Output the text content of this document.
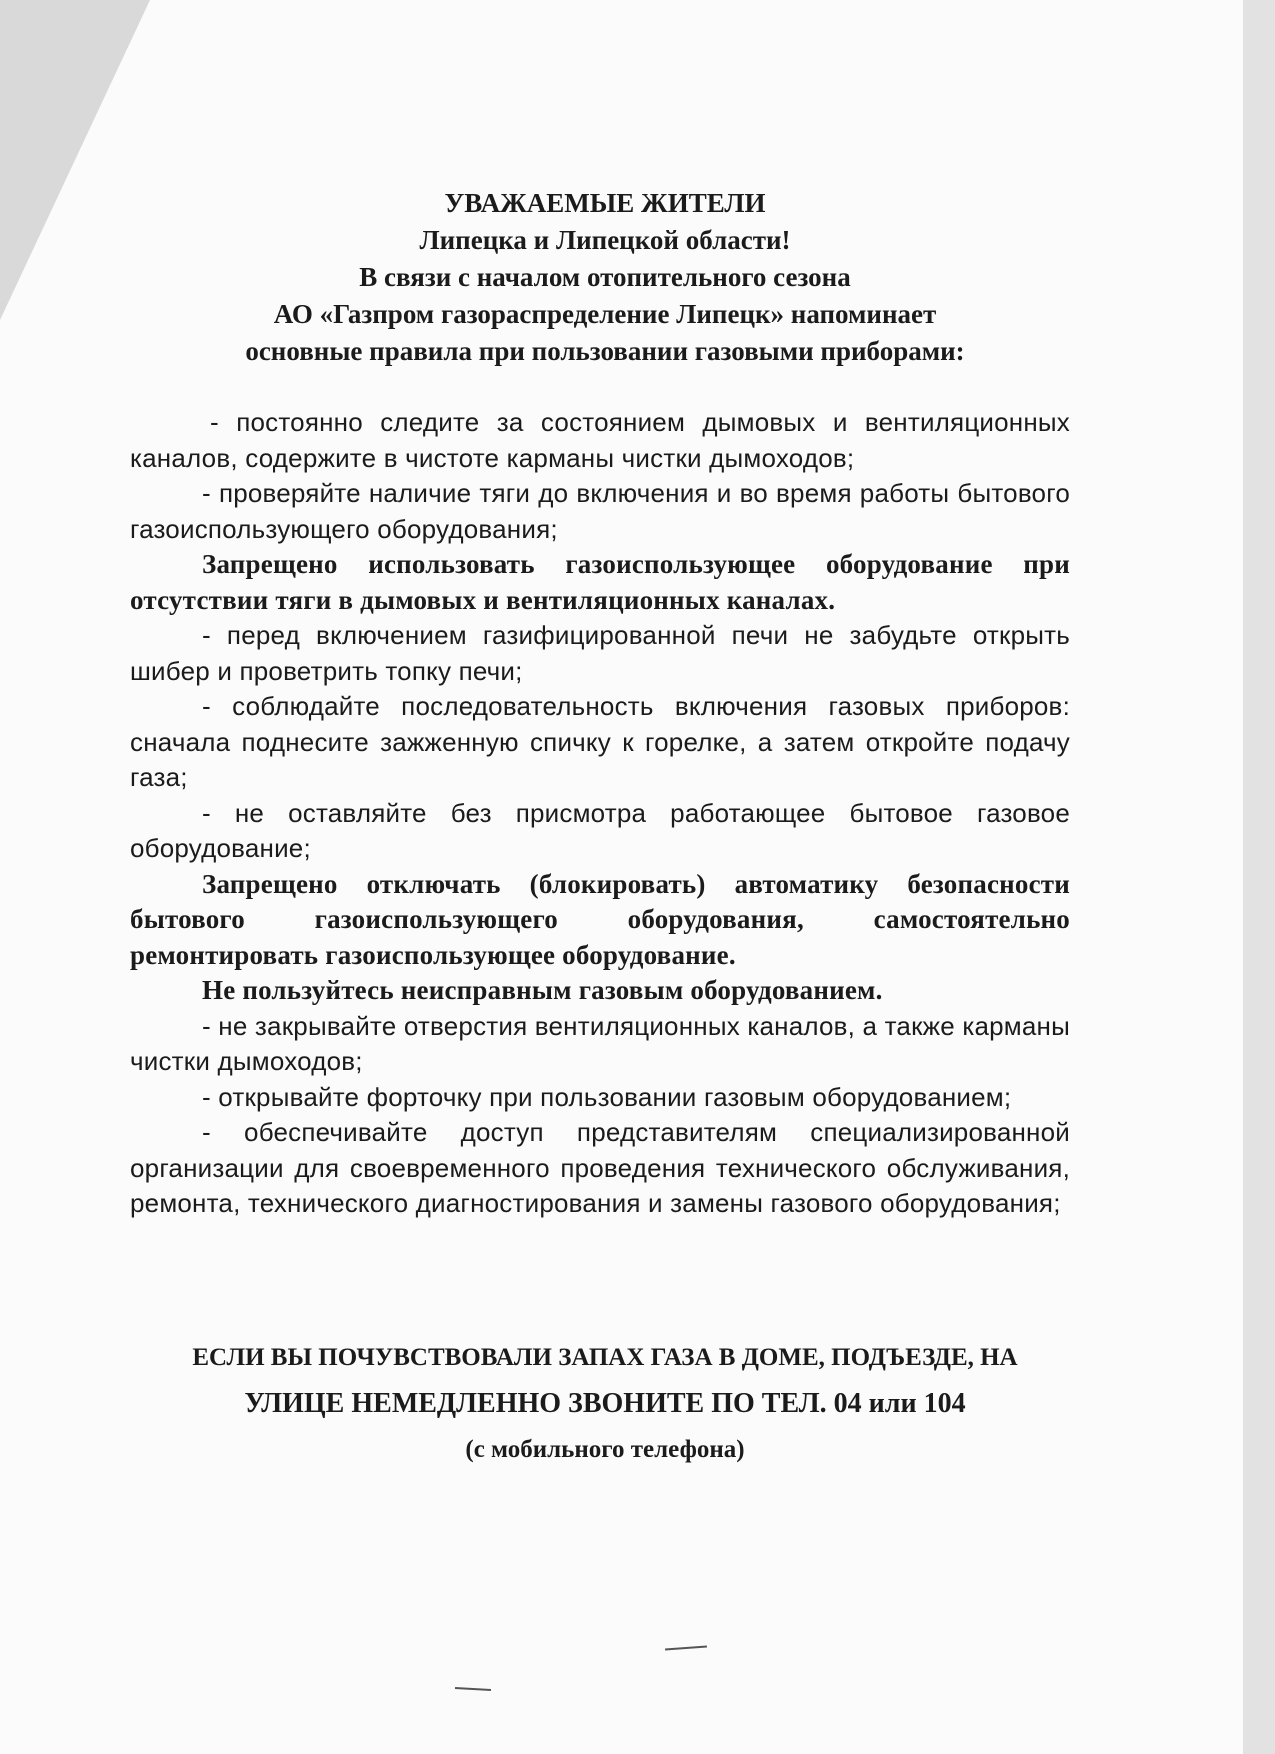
УВАЖАЕМЫЕ ЖИТЕЛИ
Липецка и Липецкой области!
В связи с началом отопительного сезона
АО «Газпром газораспределение Липецк» напоминает
основные правила при пользовании газовыми приборами:

- постоянно следите за состоянием дымовых и вентиляционных каналов, содержите в чистоте карманы чистки дымоходов;

- проверяйте наличие тяги до включения и во время работы бытового газоиспользующего оборудования;

Запрещено использовать газоиспользующее оборудование при отсутствии тяги в дымовых и вентиляционных каналах.

- перед включением газифицированной печи не забудьте открыть шибер и проветрить топку печи;

- соблюдайте последовательность включения газовых приборов: сначала поднесите зажженную спичку к горелке, а затем откройте подачу газа;

- не оставляйте без присмотра работающее бытовое газовое оборудование;

Запрещено отключать (блокировать) автоматику безопасности бытового газоиспользующего оборудования, самостоятельно ремонтировать газоиспользующее оборудование.

Не пользуйтесь неисправным газовым оборудованием.

- не закрывайте отверстия вентиляционных каналов, а также карманы чистки дымоходов;

- открывайте форточку при пользовании газовым оборудованием;

- обеспечивайте доступ представителям специализированной организации для своевременного проведения технического обслуживания, ремонта, технического диагностирования и замены газового оборудования;

ЕСЛИ ВЫ ПОЧУВСТВОВАЛИ ЗАПАХ ГАЗА В ДОМЕ, ПОДЪЕЗДЕ, НА
УЛИЦЕ НЕМЕДЛЕННО ЗВОНИТЕ ПО ТЕЛ. 04 или 104
(с мобильного телефона)
